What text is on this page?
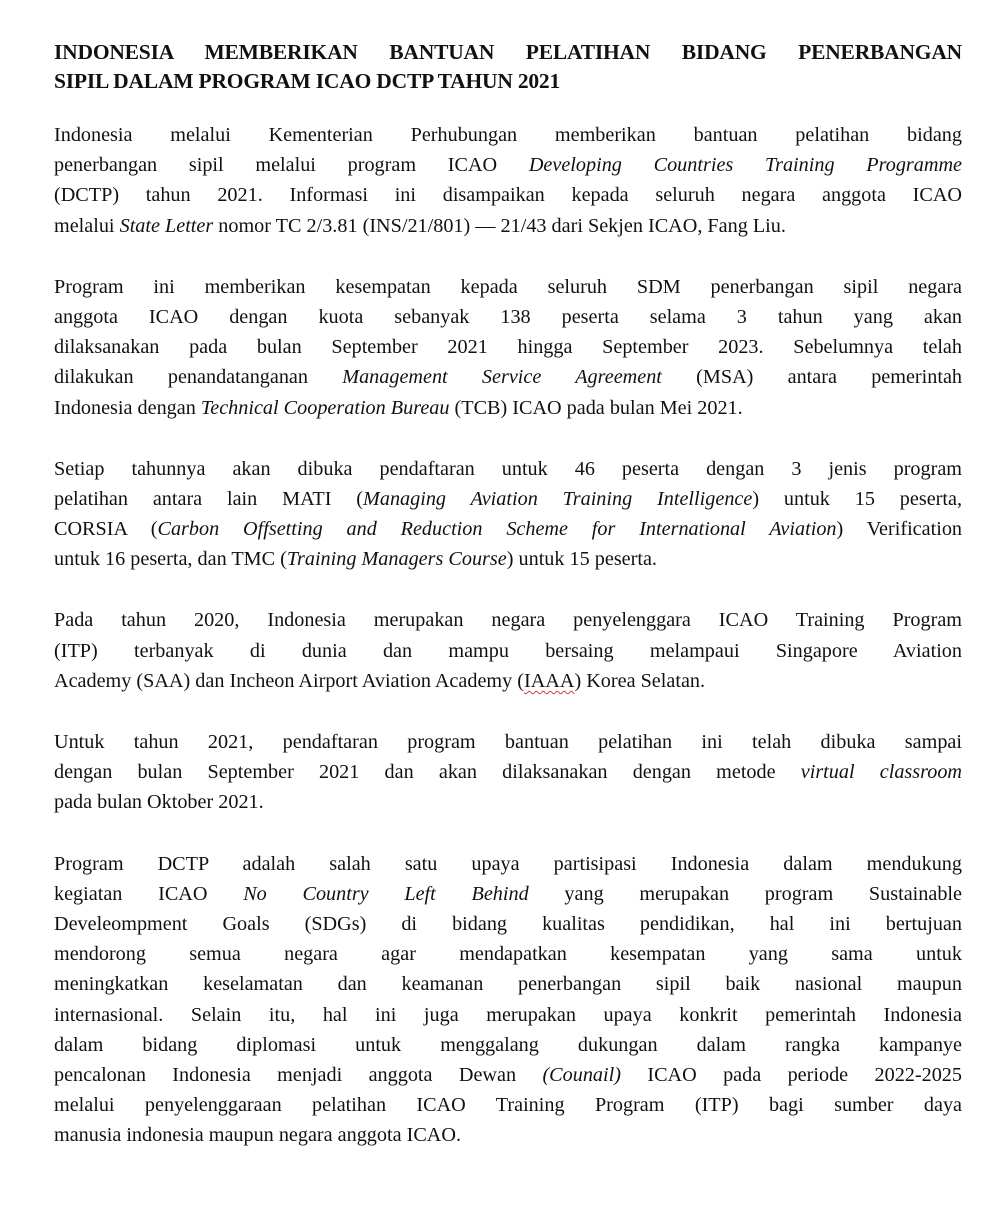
INDONESIA MEMBERIKAN BANTUAN PELATIHAN BIDANG PENERBANGAN
SIPIL DALAM PROGRAM ICAO DCTP TAHUN 2021
Indonesia melalui Kementerian Perhubungan memberikan bantuan pelatihan bidang
penerbangan sipil melalui program ICAO Developing Countries Training Programme
(DCTP) tahun 2021. Informasi ini disampaikan kepada seluruh negara anggota ICAO
melalui State Letter nomor TC 2/3.81 (INS/21/801) — 21/43 dari Sekjen ICAO, Fang Liu.
Program ini memberikan kesempatan kepada seluruh SDM penerbangan sipil negara
anggota ICAO dengan kuota sebanyak 138 peserta selama 3 tahun yang akan
dilaksanakan pada bulan September 2021 hingga September 2023. Sebelumnya telah
dilakukan penandatanganan Management Service Agreement (MSA) antara pemerintah
Indonesia dengan Technical Cooperation Bureau (TCB) ICAO pada bulan Mei 2021.
Setiap tahunnya akan dibuka pendaftaran untuk 46 peserta dengan 3 jenis program
pelatihan antara lain MATI (Managing Aviation Training Intelligence) untuk 15 peserta,
CORSIA (Carbon Offsetting and Reduction Scheme for International Aviation) Verification
untuk 16 peserta, dan TMC (Training Managers Course) untuk 15 peserta.
Pada tahun 2020, Indonesia merupakan negara penyelenggara ICAO Training Program
(ITP) terbanyak di dunia dan mampu bersaing melampaui Singapore Aviation
Academy (SAA) dan Incheon Airport Aviation Academy (IAAA) Korea Selatan.
Untuk tahun 2021, pendaftaran program bantuan pelatihan ini telah dibuka sampai
dengan bulan September 2021 dan akan dilaksanakan dengan metode virtual classroom
pada bulan Oktober 2021.
Program DCTP adalah salah satu upaya partisipasi Indonesia dalam mendukung
kegiatan ICAO No Country Left Behind yang merupakan program Sustainable
Develeompment Goals (SDGs) di bidang kualitas pendidikan, hal ini bertujuan
mendorong semua negara agar mendapatkan kesempatan yang sama untuk
meningkatkan keselamatan dan keamanan penerbangan sipil baik nasional maupun
internasional. Selain itu, hal ini juga merupakan upaya konkrit pemerintah Indonesia
dalam bidang diplomasi untuk menggalang dukungan dalam rangka kampanye
pencalonan Indonesia menjadi anggota Dewan (Counail) ICAO pada periode 2022-2025
melalui penyelenggaraan pelatihan ICAO Training Program (ITP) bagi sumber daya
manusia indonesia maupun negara anggota ICAO.
